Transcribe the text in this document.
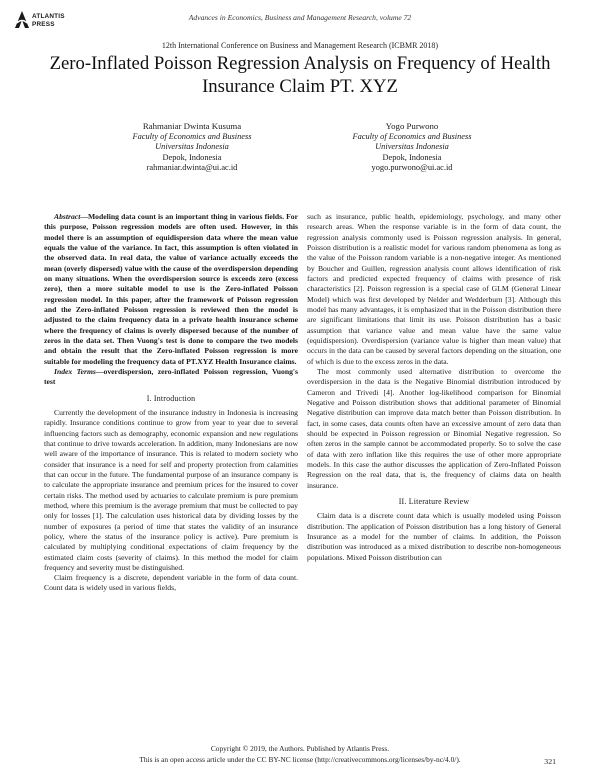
ATLANTIS
PRESS
Advances in Economics, Business and Management Research, volume 72
12th International Conference on Business and Management Research (ICBMR 2018)
Zero-Inflated Poisson Regression Analysis on Frequency of Health Insurance Claim PT. XYZ
Rahmaniar Dwinta Kusuma
Faculty of Economics and Business
Universitas Indonesia
Depok, Indonesia
rahmaniar.dwinta@ui.ac.id
Yogo Purwono
Faculty of Economics and Business
Universitas Indonesia
Depok, Indonesia
yogo.purwono@ui.ac.id

Abstract—Modeling data count is an important thing in various fields. For this purpose, Poisson regression models are often used. However, in this model there is an assumption of equidispersion data where the mean value equals the value of the variance. In fact, this assumption is often violated in the observed data. In real data, the value of variance actually exceeds the mean (overly dispersed) value with the cause of the overdispersion depending on many situations. When the overdispersion source is exceeds zero (excess zero), then a more suitable model to use is the Zero-inflated Poisson regression model. In this paper, after the framework of Poisson regression and the Zero-inflated Poisson regression is reviewed then the model is adjusted to the claim frequency data in a private health insurance scheme where the frequency of claims is overly dispersed because of the number of zeros in the data set. Then Vuong's test is done to compare the two models and obtain the result that the Zero-inflated Poisson regression is more suitable for modeling the frequency data of PT.XYZ Health Insurance claims.

Index Terms—overdispersion, zero-inflated Poisson regression, Vuong's test

I. Introduction

Currently the development of the insurance industry in Indonesia is increasing rapidly. Insurance conditions continue to grow from year to year due to several influencing factors such as demography, economic expansion and new regulations that continue to drive towards acceleration. In addition, many Indonesians are now well aware of the importance of insurance. This is related to modern society who consider that insurance is a need for self and property protection from calamities that can occur in the future. The fundamental purpose of an insurance company is to calculate the appropriate insurance and premium prices for the insured to cover certain risks. The method used by actuaries to calculate premium is pure premium method, where this premium is the average premium that must be collected to pay only for losses [1]. The calculation uses historical data by dividing losses by the number of exposures (a period of time that states the validity of an insurance policy, where the status of the insurance policy is active). Pure premium is calculated by multiplying conditional expectations of claim frequency by the estimated claim costs (severity of claims). In this method the model for claim frequency and severity must be distinguished.

Claim frequency is a discrete, dependent variable in the form of data count. Count data is widely used in various fields,

such as insurance, public health, epidemiology, psychology, and many other research areas. When the response variable is in the form of data count, the regression analysis commonly used is Poisson regression analysis. In general, Poisson distribution is a realistic model for various random phenomena as long as the value of the Poisson random variable is a non-negative integer. As mentioned by Boucher and Guillen, regression analysis count allows identification of risk factors and predicted expected frequency of claims with presence of risk characteristics [2]. Poisson regression is a special case of GLM (General Linear Model) which was first developed by Nelder and Wedderburn [3]. Although this model has many advantages, it is emphasized that in the Poisson distribution there are significant limitations that limit its use. Poisson distribution has a basic assumption that variance value and mean value have the same value (equidispersion). Overdispersion (variance value is higher than mean value) that occurs in the data can be caused by several factors depending on the situation, one of which is due to the excess zeros in the data.

The most commonly used alternative distribution to overcome the overdispersion in the data is the Negative Binomial distribution introduced by Cameron and Trivedi [4]. Another log-likelihood comparison for Binomial Negative and Poisson distribution shows that additional parameter of Binomial Negative distribution can improve data match better than Poisson distribution. In fact, in some cases, data counts often have an excessive amount of zero data than should be expected in Poisson regression or Binomial Negative regression. So often zeros in the sample cannot be accommodated properly. So to solve the case of data with zero inflation like this requires the use of other more appropriate models. In this case the author discusses the application of Zero-Inflated Poisson Regression on the real data, that is, the frequency of claims data on health insurance.

II. Literature Review

Claim data is a discrete count data which is usually modeled using Poisson distribution. The application of Poisson distribution has a long history of General Insurance as a model for the number of claims. In addition, the Poisson distribution was introduced as a mixed distribution to describe non-homogeneous populations. Mixed Poisson distribution can

Copyright © 2019, the Authors. Published by Atlantis Press.
This is an open access article under the CC BY-NC license (http://creativecommons.org/licenses/by-nc/4.0/).	321
